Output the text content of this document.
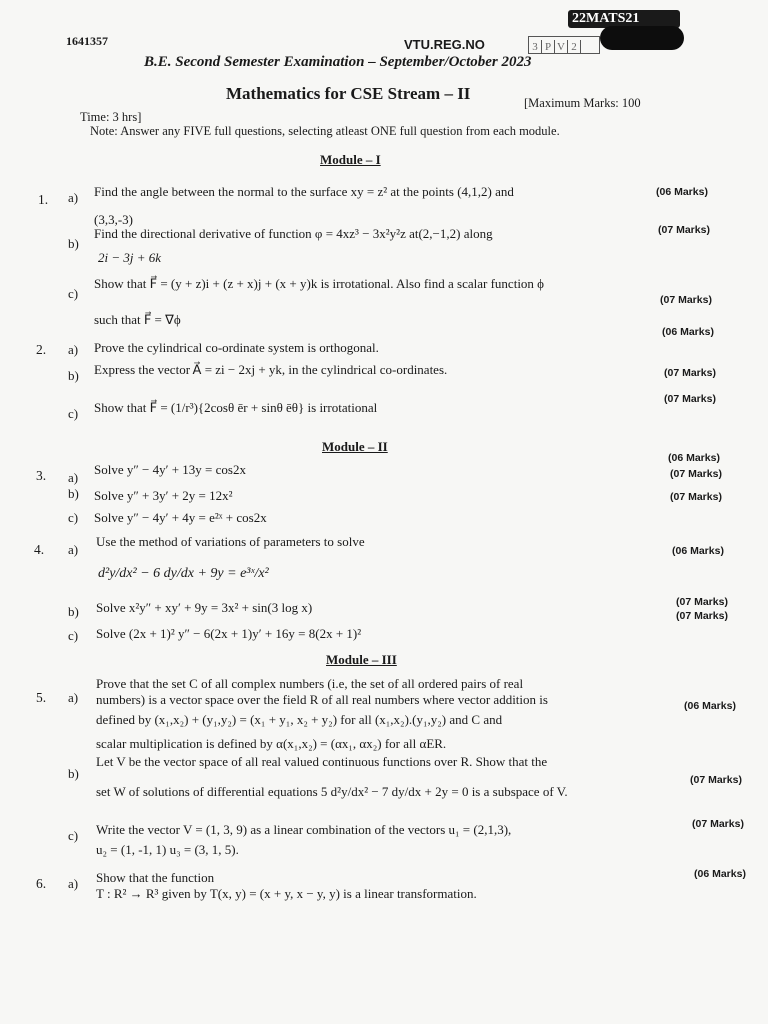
22MATS21
1641357	VTU.REG.NO	3 P V 2
B.E. Second Semester Examination – September/October 2023
Mathematics for CSE Stream – II
Time: 3 hrs]
[Maximum Marks: 100
Note: Answer any FIVE full questions, selecting atleast ONE full question from each module.
Module – I
1. a) Find the angle between the normal to the surface xy = z² at the points (4,1,2) and
(3,3,-3)
(06 Marks)
b)
Find the directional derivative of function φ = 4xz³ − 3x²y²z at(2,−1,2) along
2i − 3j + 6k
(07 Marks)
c)
Show that F⃗ = (y + z)i + (z + x)j + (x + y)k is irrotational. Also find a scalar function ϕ
such that F⃗ = ∇ϕ
(07 Marks)
2. a) Prove the cylindrical co-ordinate system is orthogonal.
(06 Marks)
b) Express the vector A⃗ = zi − 2xj + yk, in the cylindrical co-ordinates.	(07 Marks)
c) Show that F⃗ = (1/r³){2cosθ ēr + sinθ ēθ} is irrotational
(07 Marks)
Module – II
3. a)
Solve y″ − 4y′ + 13y = cos2x
(06 Marks)
b) Solve y″ + 3y′ + 2y = 12x²
(07 Marks)
c) Solve y″ − 4y′ + 4y = e²ˣ + cos2x
(07 Marks)
4. a)
Use the method of variations of parameters to solve
d²y/dx² − 6 dy/dx + 9y = e³ˣ/x²
(06 Marks)
b) Solve x²y″ + xy′ + 9y = 3x² + sin(3 log x)	(07 Marks)
c) Solve (2x + 1)² y″ − 6(2x + 1)y′ + 16y = 8(2x + 1)²
(07 Marks)
Module – III
5. a)
Prove that the set C of all complex numbers (i.e, the set of all ordered pairs of real
numbers) is a vector space over the field R of all real numbers where vector addition is
defined by (x₁,x₂) + (y₁,y₂) = (x₁ + y₁, x₂ + y₂) for all (x₁,x₂).(y₁,y₂) and C and
scalar multiplication is defined by α(x₁,x₂) = (αx₁, αx₂) for all αER.
(06 Marks)
b)
Let V be the vector space of all real valued continuous functions over R. Show that the
set W of solutions of differential equations 5 d²y/dx² − 7 dy/dx + 2y = 0 is a subspace of V.
(07 Marks)
c) Write the vector V = (1, 3, 9) as a linear combination of the vectors u₁ = (2,1,3),
u₂ = (1, -1, 1) u₃ = (3, 1, 5).
(07 Marks)
6. a) Show that the function
T : R² → R³ given by T(x, y) = (x + y, x − y, y) is a linear transformation.
(06 Marks)
